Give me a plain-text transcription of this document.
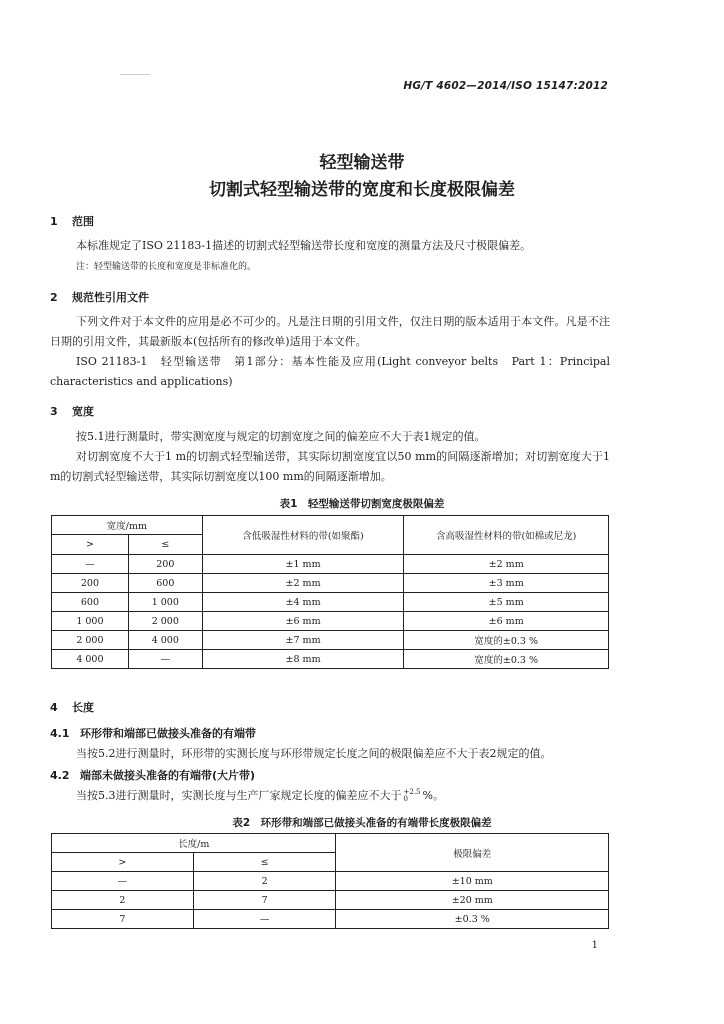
HG/T 4602—2014/ISO 15147:2012
轻型输送带
切割式轻型输送带的宽度和长度极限偏差
1 范围
本标准规定了ISO 21183-1描述的切割式轻型输送带长度和宽度的测量方法及尺寸极限偏差。
注：轻型输送带的长度和宽度是非标准化的。
2 规范性引用文件
下列文件对于本文件的应用是必不可少的。凡是注日期的引用文件，仅注日期的版本适用于本文件。凡是不注日期的引用文件，其最新版本(包括所有的修改单)适用于本文件。
ISO 21183-1　轻型输送带　第1部分：基本性能及应用(Light conveyor belts　Part 1：Principal characteristics and applications)
3 宽度
按5.1进行测量时，带实测宽度与规定的切割宽度之间的偏差应不大于表1规定的值。
对切割宽度不大于1 m的切割式轻型输送带，其实际切割宽度宜以50 mm的间隔逐渐增加；对切割宽度大于1 m的切割式轻型输送带，其实际切割宽度以100 mm的间隔逐渐增加。
表1　轻型输送带切割宽度极限偏差
宽度/mm		含低吸湿性材料的带(如聚酯)	含高吸湿性材料的带(如棉或尼龙)
>	≤		
—	200	±1 mm	±2 mm
200	600	±2 mm	±3 mm
600	1 000	±4 mm	±5 mm
1 000	2 000	±6 mm	±6 mm
2 000	4 000	±7 mm	宽度的±0.3 %
4 000	—	±8 mm	宽度的±0.3 %
4 长度
4.1 环形带和端部已做接头准备的有端带
当按5.2进行测量时，环形带的实测长度与环形带规定长度之间的极限偏差应不大于表2规定的值。
4.2 端部未做接头准备的有端带(大片带)
当按5.3进行测量时，实测长度与生产厂家规定长度的偏差应不大于 +2.5
0	%。
表2　环形带和端部已做接头准备的有端带长度极限偏差
长度/m		极限偏差
>	≤	
—	2	±10 mm
2	7	±20 mm
7	—	±0.3 %
1
